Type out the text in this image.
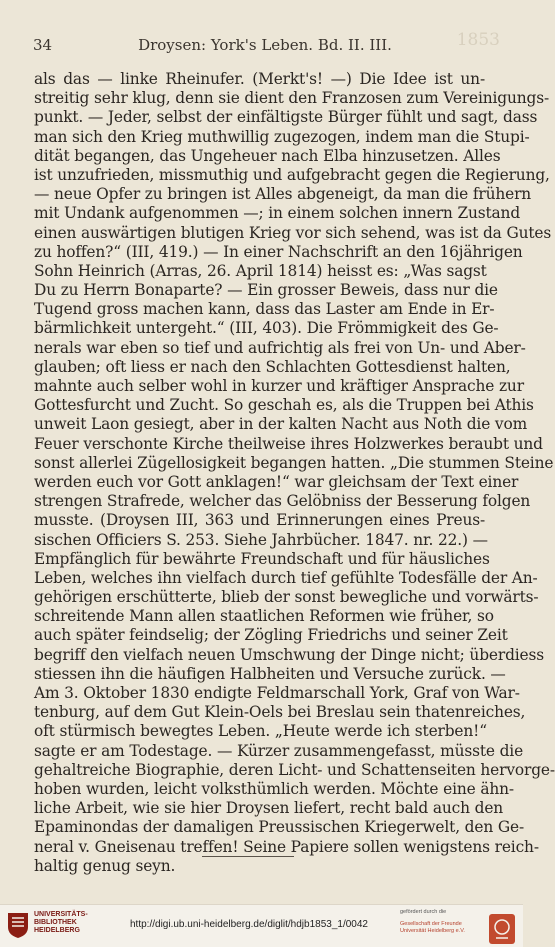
34	Droysen: York's Leben. Bd. II. III.	1853
als das — linke Rheinufer. (Merkt's! —) Die Idee ist un-
streitig sehr klug, denn sie dient den Franzosen zum Vereinigungs-
punkt. — Jeder, selbst der einfältigste Bürger fühlt und sagt, dass
man sich den Krieg muthwillig zugezogen, indem man die Stupi-
dität begangen, das Ungeheuer nach Elba hinzusetzen. Alles
ist unzufrieden, missmuthig und aufgebracht gegen die Regierung,
— neue Opfer zu bringen ist Alles abgeneigt, da man die frühern
mit Undank aufgenommen —; in einem solchen innern Zustand
einen auswärtigen blutigen Krieg vor sich sehend, was ist da Gutes
zu hoffen?“ (III, 419.) — In einer Nachschrift an den 16jährigen
Sohn Heinrich (Arras, 26. April 1814) heisst es: „Was sagst
Du zu Herrn Bonaparte? — Ein grosser Beweis, dass nur die
Tugend gross machen kann, dass das Laster am Ende in Er-
bärmlichkeit untergeht.“ (III, 403). Die Frömmigkeit des Ge-
nerals war eben so tief und aufrichtig als frei von Un- und Aber-
glauben; oft liess er nach den Schlachten Gottesdienst halten,
mahnte auch selber wohl in kurzer und kräftiger Ansprache zur
Gottesfurcht und Zucht. So geschah es, als die Truppen bei Athis
unweit Laon gesiegt, aber in der kalten Nacht aus Noth die vom
Feuer verschonte Kirche theilweise ihres Holzwerkes beraubt und
sonst allerlei Zügellosigkeit begangen hatten. „Die stummen Steine
werden euch vor Gott anklagen!“ war gleichsam der Text einer
strengen Strafrede, welcher das Gelöbniss der Besserung folgen
musste. (Droysen III, 363 und Erinnerungen eines Preus-
sischen Officiers S. 253. Siehe Jahrbücher. 1847. nr. 22.) —
Empfänglich für bewährte Freundschaft und für häusliches
Leben, welches ihn vielfach durch tief gefühlte Todesfälle der An-
gehörigen erschütterte, blieb der sonst bewegliche und vorwärts-
schreitende Mann allen staatlichen Reformen wie früher, so
auch später feindselig; der Zögling Friedrichs und seiner Zeit
begriff den vielfach neuen Umschwung der Dinge nicht; überdiess
stiessen ihn die häufigen Halbheiten und Versuche zurück. —
Am 3. Oktober 1830 endigte Feldmarschall York, Graf von War-
tenburg, auf dem Gut Klein-Oels bei Breslau sein thatenreiches,
oft stürmisch bewegtes Leben. „Heute werde ich sterben!“
sagte er am Todestage. — Kürzer zusammengefasst, müsste die
gehaltreiche Biographie, deren Licht- und Schattenseiten hervorge-
hoben wurden, leicht volksthümlich werden. Möchte eine ähn-
liche Arbeit, wie sie hier Droysen liefert, recht bald auch den
Epaminondas der damaligen Preussischen Kriegerwelt, den Ge-
neral v. Gneisenau treffen! Seine Papiere sollen wenigstens reich-
haltig genug seyn.
UNIVERSITÄTS-BIBLIOTHEK HEIDELBERG
http://digi.ub.uni-heidelberg.de/diglit/hdjb1853_1/0042
gefördert durch die
Gesellschaft der Freunde Universität Heidelberg e.V.
